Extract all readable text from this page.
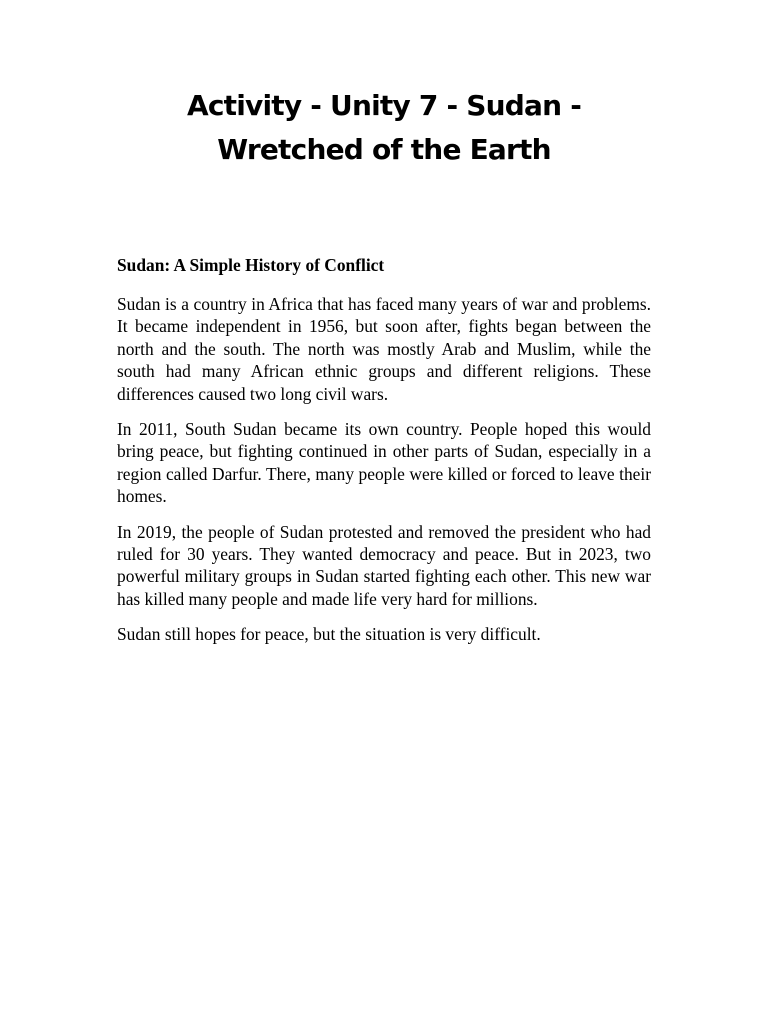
Activity - Unity 7 - Sudan -
Wretched of the Earth

Sudan: A Simple History of Conflict

Sudan is a country in Africa that has faced many years of war and problems. It became independent in 1956, but soon after, fights began between the north and the south. The north was mostly Arab and Muslim, while the south had many African ethnic groups and different religions. These differences caused two long civil wars.

In 2011, South Sudan became its own country. People hoped this would bring peace, but fighting continued in other parts of Sudan, especially in a region called Darfur. There, many people were killed or forced to leave their homes.

In 2019, the people of Sudan protested and removed the president who had ruled for 30 years. They wanted democracy and peace. But in 2023, two powerful military groups in Sudan started fighting each other. This new war has killed many people and made life very hard for millions.

Sudan still hopes for peace, but the situation is very difficult.
